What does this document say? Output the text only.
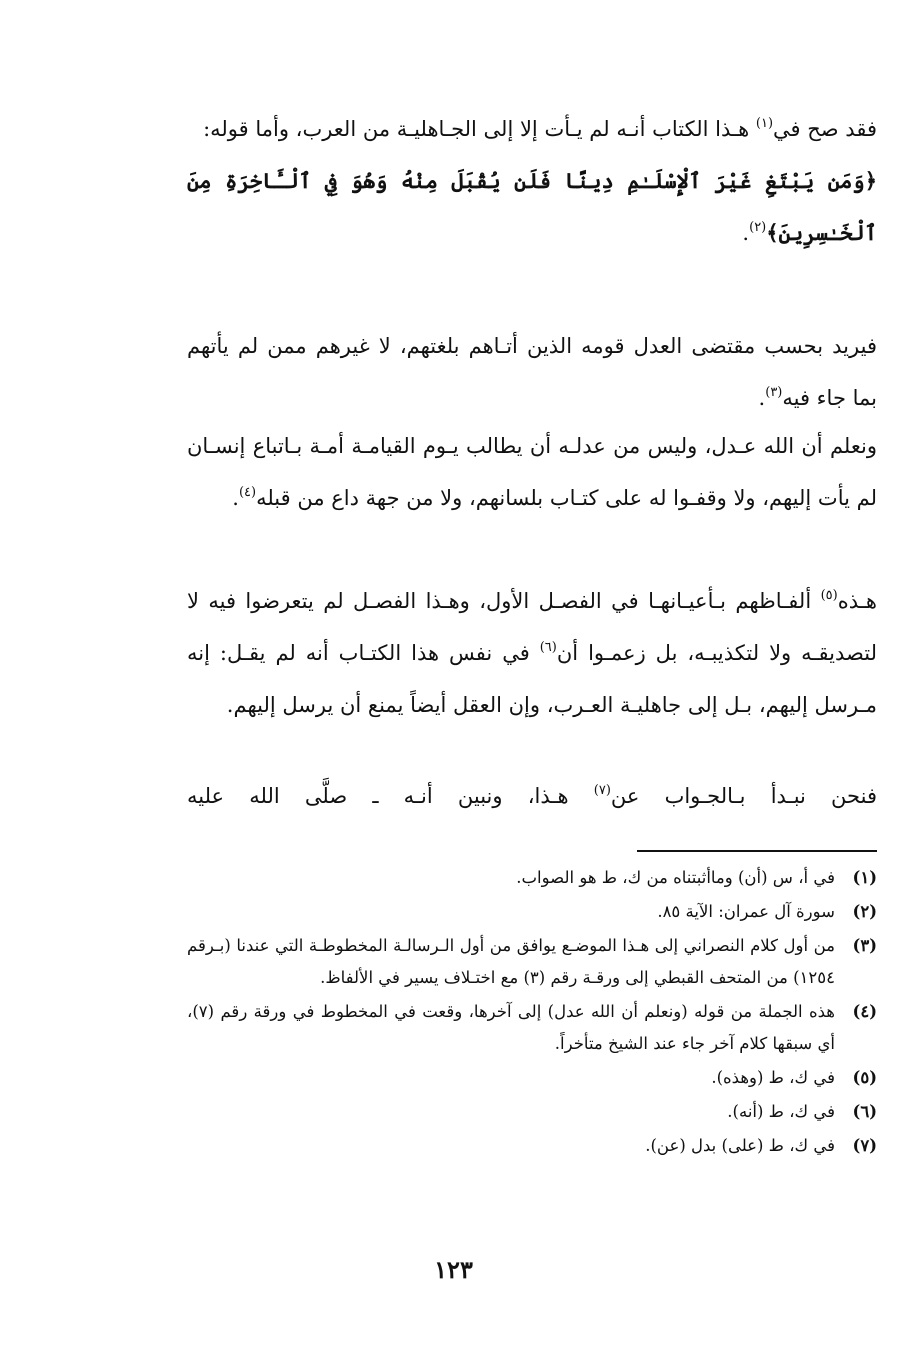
فقد صح في$^{(١)}$ هـذا الكتاب أنـه لم يـأت إلا إلى الجـاهليـة من العرب، وأما قوله:
﴿وَمَن يَبْتَغِ غَيْرَ ٱلْإِسْلَـٰمِ دِينًا فَلَن يُقْبَلَ مِنْهُ وَهُوَ فِي ٱلْـَٔاخِرَةِ مِنَ ٱلْخَـٰسِرِينَ﴾$^{(٢)}$.

فيريد بحسب مقتضى العدل قومه الذين أتـاهم بلغتهم، لا غيرهم ممن لم يأتهم بما جاء فيه$^{(٣)}$.

ونعلم أن الله عـدل، وليس من عدلـه أن يطالب يـوم القيامـة أمـة بـاتباع إنسـان لم يأت إليهم، ولا وقفـوا له على كتـاب بلسانهم، ولا من جهة داع من قبله$^{(٤)}$.

هـذه$^{(٥)}$ ألفـاظهم بـأعيـانهـا في الفصـل الأول، وهـذا الفصـل لم يتعرضوا فيه لا لتصديقـه ولا لتكذيبـه، بل زعمـوا أن$^{(٦)}$ في نفس هذا الكتـاب أنه لم يقـل: إنه مـرسل إليهم، بـل إلى جاهليـة العـرب، وإن العقل أيضاً يمنع أن يرسل إليهم.

فنحن نبـدأ بـالجـواب عن$^{(٧)}$ هـذا، ونبين أنـه ـ صلَّى الله عليه

(١)
في أ، س (أن) وماأثبتناه من ك، ط هو الصواب.
(٢)
سورة آل عمران: الآية ٨٥.
(٣)
من أول كلام النصراني إلى هـذا الموضـع يوافق من أول الـرسالـة المخطوطـة التي عندنا (بـرقم ١٢٥٤) من المتحف القبطي إلى ورقـة رقم (٣) مع اختـلاف يسير في الألفاظ.
(٤)
هذه الجملة من قوله (ونعلم أن الله عدل) إلى آخرها، وقعت في المخطوط في ورقة رقم (٧)، أي سبقها كلام آخر جاء عند الشيخ متأخراً.
(٥)
في ك، ط (وهذه).
(٦)
في ك، ط (أنه).
(٧)
في ك، ط (على) بدل (عن).
١٢٣
